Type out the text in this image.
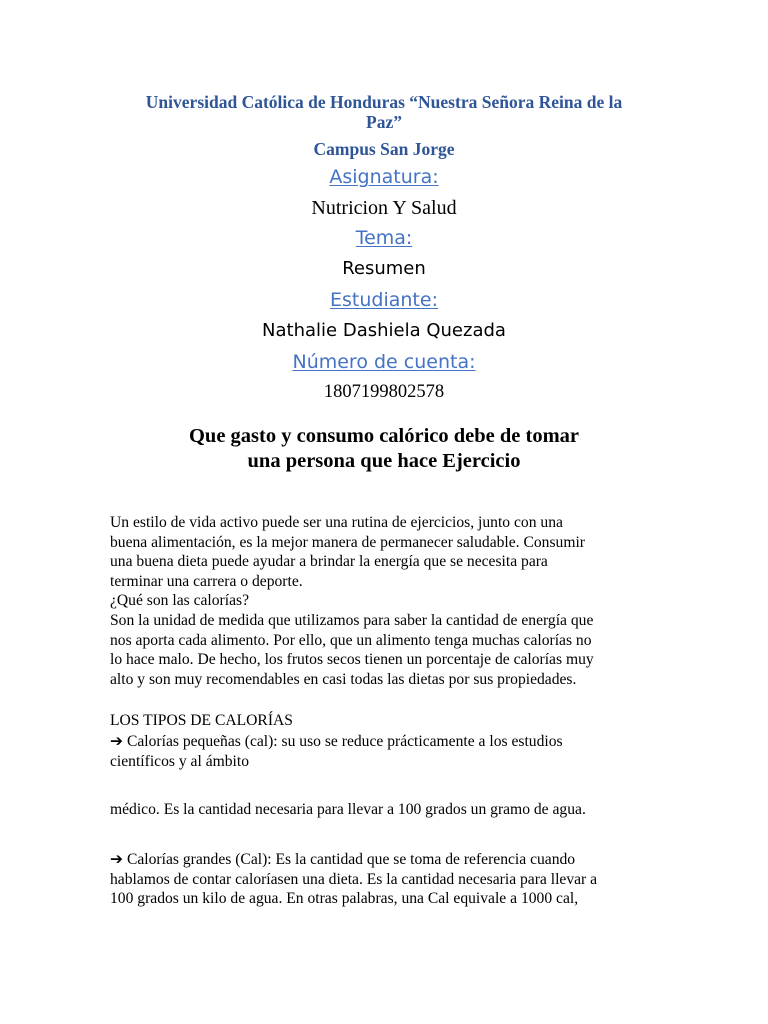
Universidad Católica de Honduras “Nuestra Señora Reina de la
Paz”
Campus San Jorge
Asignatura:
Nutricion Y Salud
Tema:
Resumen
Estudiante:
Nathalie Dashiela Quezada
Número de cuenta:
1807199802578
Que gasto y consumo calórico debe de tomar
una persona que hace Ejercicio
Un estilo de vida activo puede ser una rutina de ejercicios, junto con una
buena alimentación, es la mejor manera de permanecer saludable. Consumir
una buena dieta puede ayudar a brindar la energía que se necesita para
terminar una carrera o deporte.
¿Qué son las calorías?
Son la unidad de medida que utilizamos para saber la cantidad de energía que
nos aporta cada alimento. Por ello, que un alimento tenga muchas calorías no
lo hace malo. De hecho, los frutos secos tienen un porcentaje de calorías muy
alto y son muy recomendables en casi todas las dietas por sus propiedades.
LOS TIPOS DE CALORÍAS
➔ Calorías pequeñas (cal): su uso se reduce prácticamente a los estudios
científicos y al ámbito
médico. Es la cantidad necesaria para llevar a 100 grados un gramo de agua.
➔ Calorías grandes (Cal): Es la cantidad que se toma de referencia cuando
hablamos de contar caloríasen una dieta. Es la cantidad necesaria para llevar a
100 grados un kilo de agua. En otras palabras, una Cal equivale a 1000 cal,
